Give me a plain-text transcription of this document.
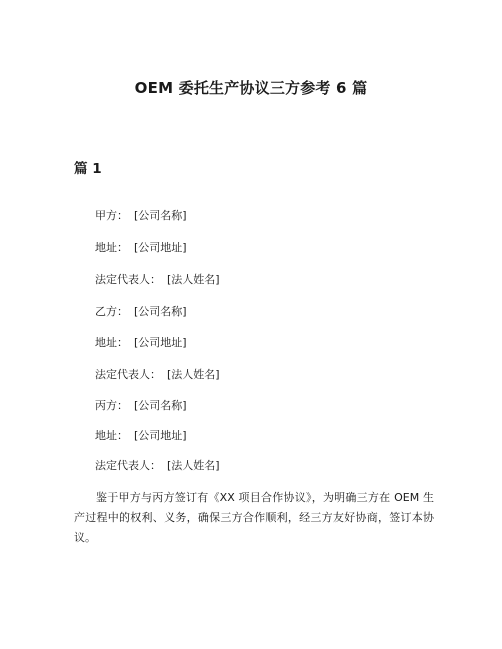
OEM 委托生产协议三方参考 6 篇
篇 1
甲方： [公司名称]
地址： [公司地址]
法定代表人： [法人姓名]
乙方： [公司名称]
地址： [公司地址]
法定代表人： [法人姓名]
丙方： [公司名称]
地址： [公司地址]
法定代表人： [法人姓名]

鉴于甲方与丙方签订有《XX 项目合作协议》，为明确三方在 OEM 生产过程中的权利、义务，确保三方合作顺利，经三方友好协商，签订本协议。
